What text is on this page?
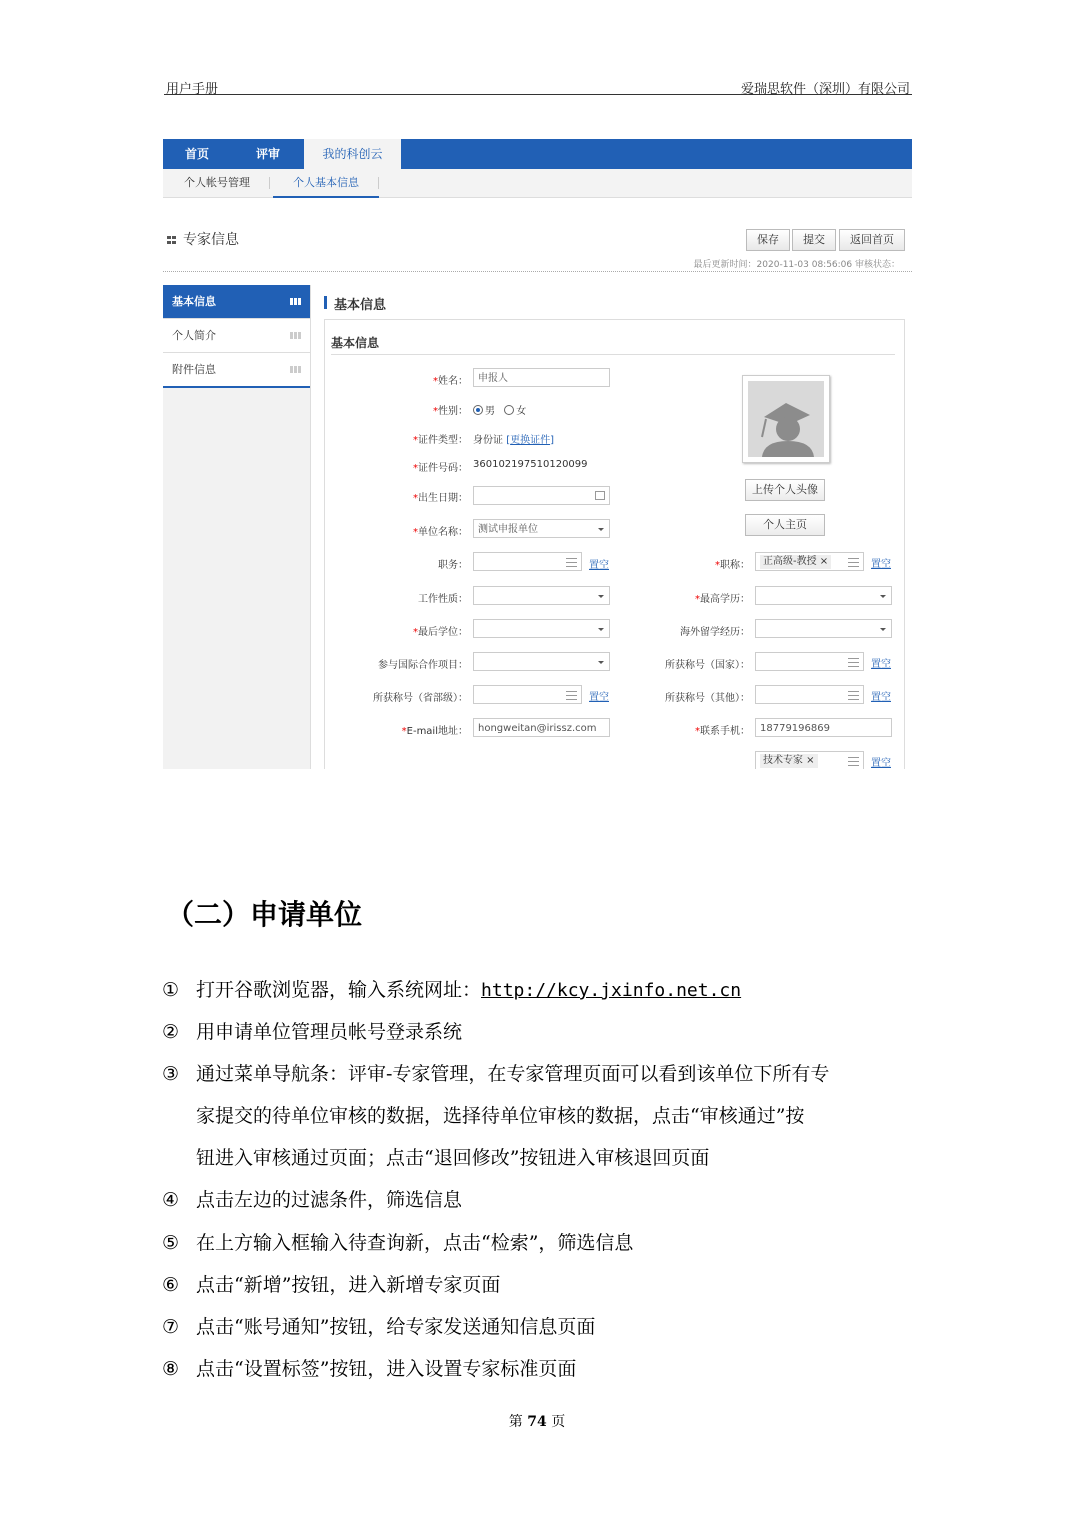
用户手册	爱瑞思软件（深圳）有限公司
首页	评审	我的科创云
个人帐号管理	个人基本信息
专家信息	保存	提交	返回首页
最后更新时间：2020-11-03 08:56:06 审核状态：
基本信息
个人简介
附件信息
基本信息
基本信息
*姓名：	申报人
*性别：	男 女
*证件类型： 身份证 [更换证件]
*证件号码： 360102197510120099
*出生日期：
*单位名称：	测试申报单位
上传个人头像
个人主页
职务：	置空	*职称：	正高级-教授 ×	置空
工作性质：	*最高学历：
*最后学位：	海外留学经历：
参与国际合作项目：	所获称号（国家）：	置空
所获称号（省部级）：	置空	所获称号（其他）：	置空
*E-mail地址：	hongweitan@irissz.com	*联系手机：	18779196869
技术专家 ×	置空
（二）申请单位
① 打开谷歌浏览器，输入系统网址：http://kcy.jxinfo.net.cn
② 用申请单位管理员帐号登录系统
③ 通过菜单导航条：评审-专家管理，在专家管理页面可以看到该单位下所有专
家提交的待单位审核的数据，选择待单位审核的数据，点击“审核通过”按
钮进入审核通过页面；点击“退回修改”按钮进入审核退回页面
④ 点击左边的过滤条件，筛选信息
⑤ 在上方输入框输入待查询新，点击“检索”，筛选信息
⑥ 点击“新增”按钮，进入新增专家页面
⑦ 点击“账号通知”按钮，给专家发送通知信息页面
⑧ 点击“设置标签”按钮，进入设置专家标准页面
第 74 页
